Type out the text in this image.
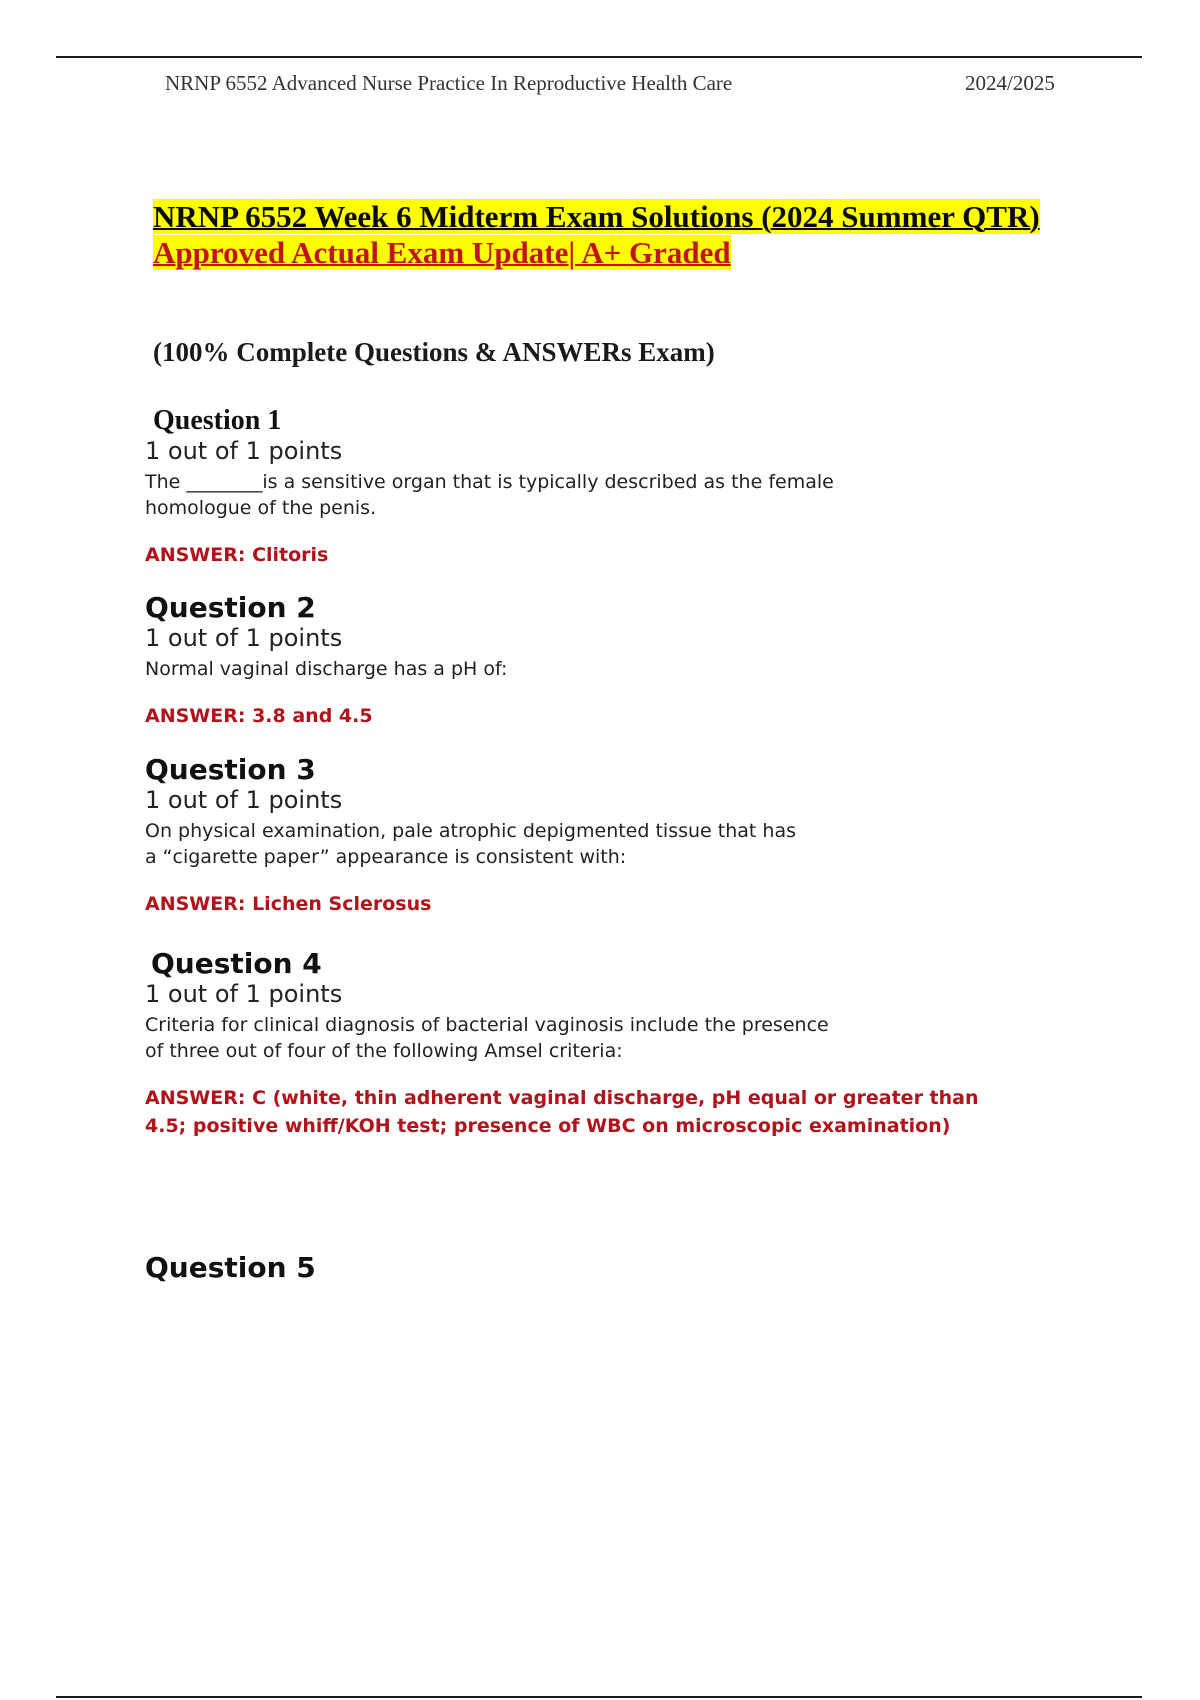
NRNP 6552 Advanced Nurse Practice In Reproductive Health Care	2024/2025
NRNP 6552 Week 6 Midterm Exam Solutions (2024 Summer QTR)
Approved Actual Exam Update| A+ Graded
(100% Complete Questions & ANSWERs Exam)
Question 1
1 out of 1 points
The ________is a sensitive organ that is typically described as the female homologue of the penis.
ANSWER: Clitoris
Question 2
1 out of 1 points
Normal vaginal discharge has a pH of:
ANSWER: 3.8 and 4.5
Question 3
1 out of 1 points
On physical examination, pale atrophic depigmented tissue that has a “cigarette paper” appearance is consistent with:
ANSWER: Lichen Sclerosus
Question 4
1 out of 1 points
Criteria for clinical diagnosis of bacterial vaginosis include the presence of three out of four of the following Amsel criteria:
ANSWER: C (white, thin adherent vaginal discharge, pH equal or greater than 4.5; positive whiff/KOH test; presence of WBC on microscopic examination)
Question 5
